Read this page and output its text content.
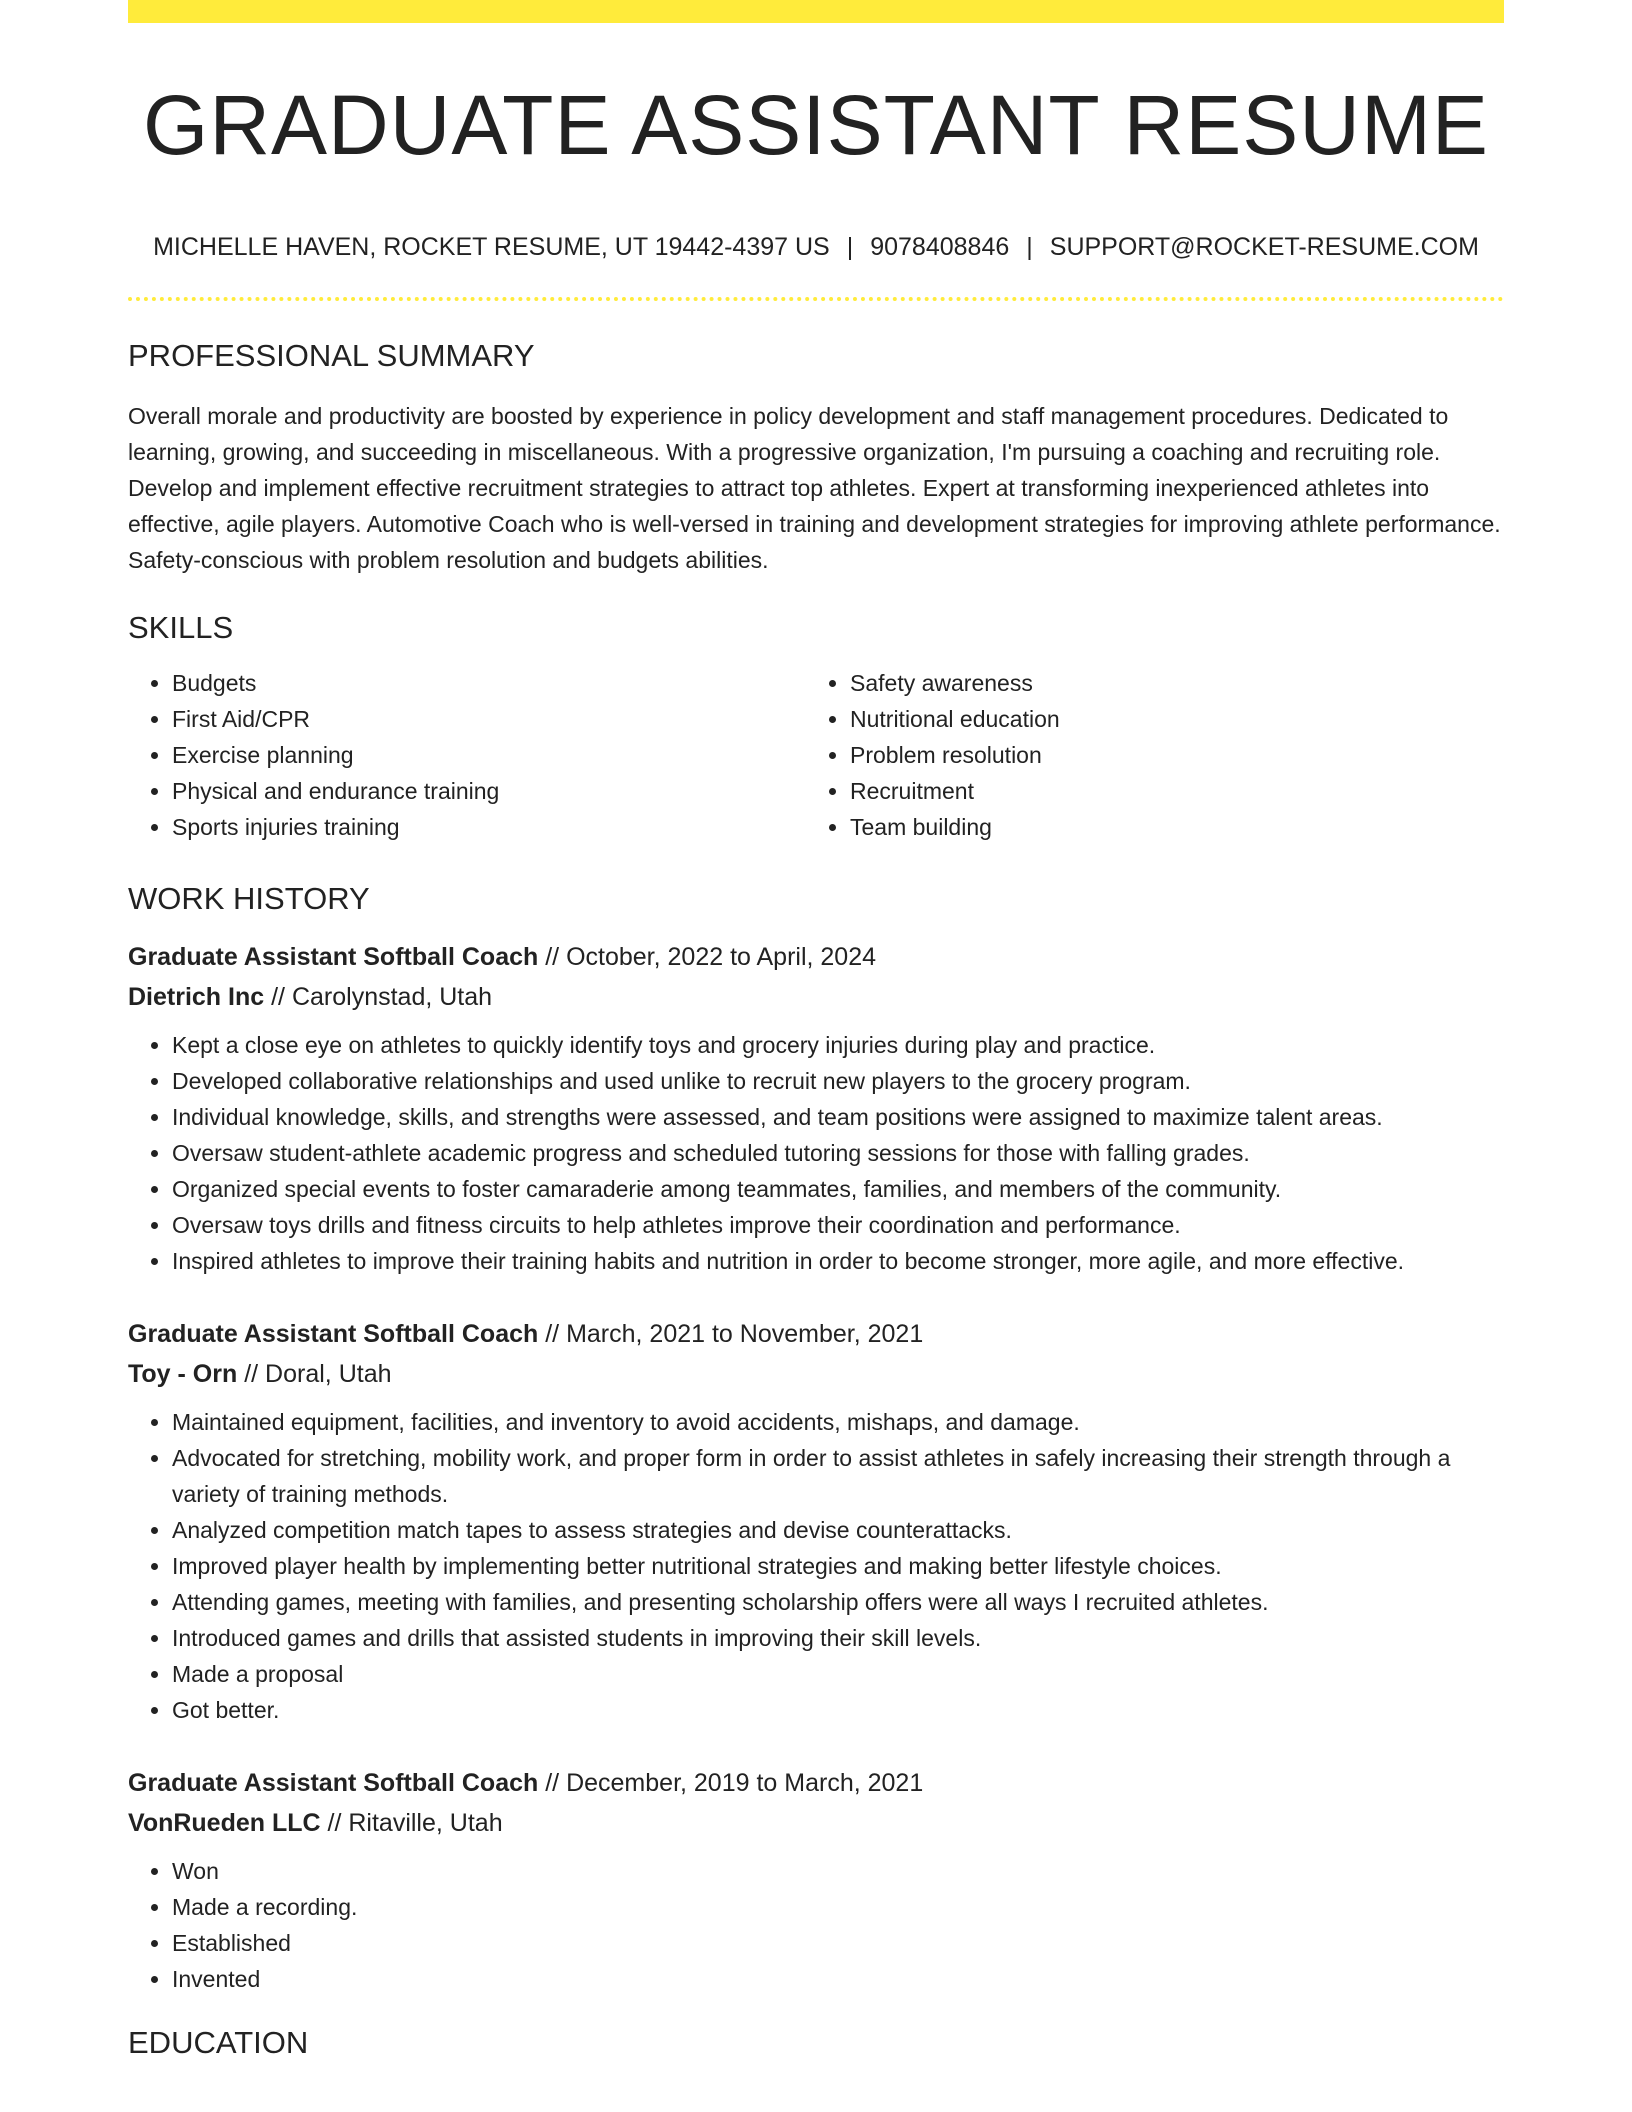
GRADUATE ASSISTANT RESUME
MICHELLE HAVEN, ROCKET RESUME, UT 19442-4397 US | 9078408846 | SUPPORT@ROCKET-RESUME.COM
PROFESSIONAL SUMMARY
Overall morale and productivity are boosted by experience in policy development and staff management procedures. Dedicated to learning, growing, and succeeding in miscellaneous. With a progressive organization, I'm pursuing a coaching and recruiting role. Develop and implement effective recruitment strategies to attract top athletes. Expert at transforming inexperienced athletes into effective, agile players. Automotive Coach who is well-versed in training and development strategies for improving athlete performance. Safety-conscious with problem resolution and budgets abilities.
SKILLS
• Budgets
• First Aid/CPR
• Exercise planning
• Physical and endurance training
• Sports injuries training
• Safety awareness
• Nutritional education
• Problem resolution
• Recruitment
• Team building
WORK HISTORY
Graduate Assistant Softball Coach // October, 2022 to April, 2024
Dietrich Inc // Carolynstad, Utah
• Kept a close eye on athletes to quickly identify toys and grocery injuries during play and practice.
• Developed collaborative relationships and used unlike to recruit new players to the grocery program.
• Individual knowledge, skills, and strengths were assessed, and team positions were assigned to maximize talent areas.
• Oversaw student-athlete academic progress and scheduled tutoring sessions for those with falling grades.
• Organized special events to foster camaraderie among teammates, families, and members of the community.
• Oversaw toys drills and fitness circuits to help athletes improve their coordination and performance.
• Inspired athletes to improve their training habits and nutrition in order to become stronger, more agile, and more effective.
Graduate Assistant Softball Coach // March, 2021 to November, 2021
Toy - Orn // Doral, Utah
• Maintained equipment, facilities, and inventory to avoid accidents, mishaps, and damage.
• Advocated for stretching, mobility work, and proper form in order to assist athletes in safely increasing their strength through a variety of training methods.
• Analyzed competition match tapes to assess strategies and devise counterattacks.
• Improved player health by implementing better nutritional strategies and making better lifestyle choices.
• Attending games, meeting with families, and presenting scholarship offers were all ways I recruited athletes.
• Introduced games and drills that assisted students in improving their skill levels.
• Made a proposal
• Got better.
Graduate Assistant Softball Coach // December, 2019 to March, 2021
VonRueden LLC // Ritaville, Utah
• Won
• Made a recording.
• Established
• Invented
EDUCATION
